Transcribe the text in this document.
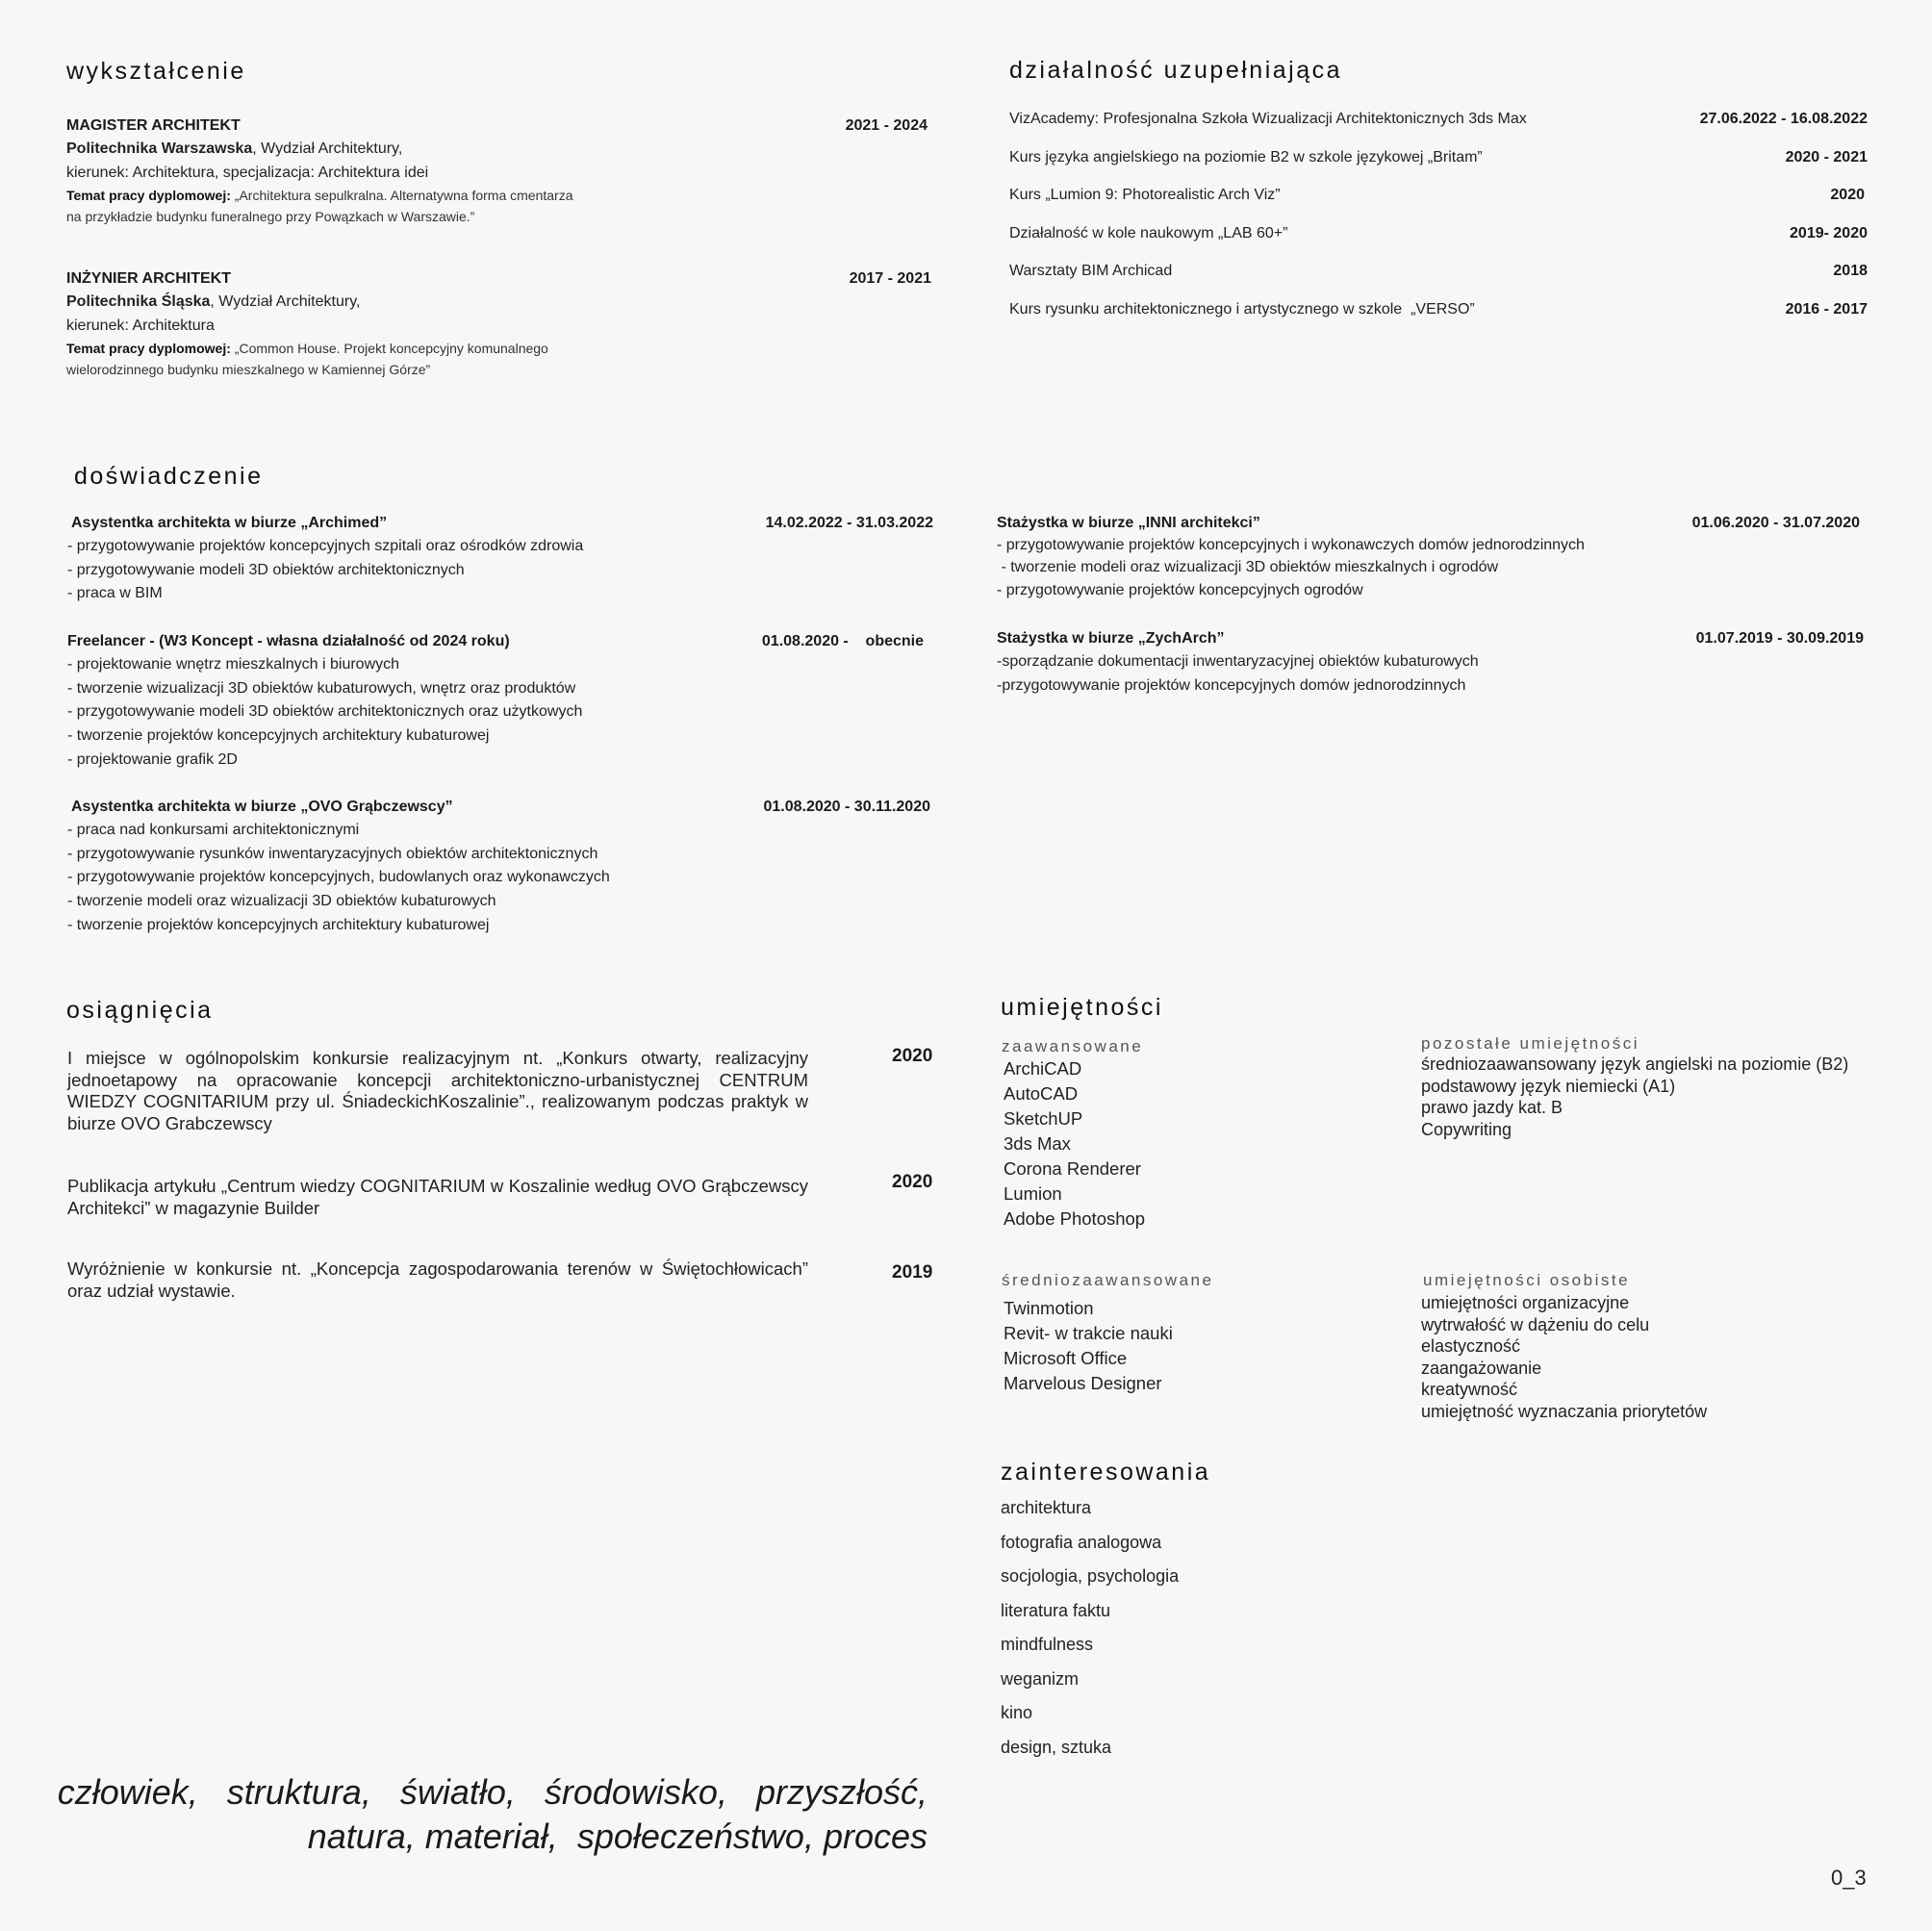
wykształcenie
MAGISTER ARCHITEKT	2021 - 2024
Politechnika Warszawska, Wydział Architektury,
kierunek: Architektura, specjalizacja: Architektura idei
Temat pracy dyplomowej: „Architektura sepulkralna. Alternatywna forma cmentarza
na przykładzie budynku funeralnego przy Powązkach w Warszawie.”
INŻYNIER ARCHITEKT	2017 - 2021
Politechnika Śląska, Wydział Architektury,
kierunek: Architektura
Temat pracy dyplomowej: „Common House. Projekt koncepcyjny komunalnego
wielorodzinnego budynku mieszkalnego w Kamiennej Górze”
działalność uzupełniająca
VizAcademy: Profesjonalna Szkoła Wizualizacji Architektonicznych 3ds Max	27.06.2022 - 16.08.2022
Kurs języka angielskiego na poziomie B2 w szkole językowej „Britam”	2020 - 2021
Kurs „Lumion 9: Photorealistic Arch Viz”	2020
Działalność w kole naukowym „LAB 60+”	2019- 2020
Warsztaty BIM Archicad	2018
Kurs rysunku architektonicznego i artystycznego w szkole  „VERSO”	2016 - 2017
doświadczenie
Asystentka architekta w biurze „Archimed”	14.02.2022 - 31.03.2022
- przygotowywanie projektów koncepcyjnych szpitali oraz ośrodków zdrowia
- przygotowywanie modeli 3D obiektów architektonicznych
- praca w BIM
Freelancer - (W3 Koncept - własna działalność od 2024 roku)	01.08.2020 -    obecnie
- projektowanie wnętrz mieszkalnych i biurowych
- tworzenie wizualizacji 3D obiektów kubaturowych, wnętrz oraz produktów
- przygotowywanie modeli 3D obiektów architektonicznych oraz użytkowych
- tworzenie projektów koncepcyjnych architektury kubaturowej
- projektowanie grafik 2D
Asystentka architekta w biurze „OVO Grąbczewscy”	01.08.2020 - 30.11.2020
- praca nad konkursami architektonicznymi
- przygotowywanie rysunków inwentaryzacyjnych obiektów architektonicznych
- przygotowywanie projektów koncepcyjnych, budowlanych oraz wykonawczych
- tworzenie modeli oraz wizualizacji 3D obiektów kubaturowych
- tworzenie projektów koncepcyjnych architektury kubaturowej
Stażystka w biurze „INNI architekci”	01.06.2020 - 31.07.2020
- przygotowywanie projektów koncepcyjnych i wykonawczych domów jednorodzinnych
- tworzenie modeli oraz wizualizacji 3D obiektów mieszkalnych i ogrodów
- przygotowywanie projektów koncepcyjnych ogrodów
Stażystka w biurze „ZychArch”	01.07.2019 - 30.09.2019
-sporządzanie dokumentacji inwentaryzacyjnej obiektów kubaturowych
-przygotowywanie projektów koncepcyjnych domów jednorodzinnych
osiągnięcia
I miejsce w ogólnopolskim konkursie realizacyjnym nt. „Konkurs otwarty, realizacyjny jednoetapowy na opracowanie koncepcji architektoniczno-urbanistycznej CENTRUM WIEDZY COGNITARIUM przy ul. ŚniadeckichKoszalinie”., realizowanym podczas praktyk w biurze OVO Grabczewscy
2020
Publikacja artykułu „Centrum wiedzy COGNITARIUM w Koszalinie według OVO Grąbczewscy Architekci” w magazynie Builder
2020
Wyróżnienie w konkursie nt. „Koncepcja zagospodarowania terenów w Świętochłowicach” oraz udział wystawie.
2019
umiejętności
zaawansowane
ArchiCAD
AutoCAD
SketchUP
3ds Max
Corona Renderer
Lumion
Adobe Photoshop
średniozaawansowane
Twinmotion
Revit- w trakcie nauki
Microsoft Office
Marvelous Designer
pozostałe umiejętności
średniozaawansowany język angielski na poziomie (B2)
podstawowy język niemiecki (A1)
prawo jazdy kat. B
Copywriting
umiejętności osobiste
umiejętności organizacyjne
wytrwałość w dążeniu do celu
elastyczność
zaangażowanie
kreatywność
umiejętność wyznaczania priorytetów
zainteresowania
architektura
fotografia analogowa
socjologia, psychologia
literatura faktu
mindfulness
weganizm
kino
design, sztuka
człowiek,   struktura,   światło,   środowisko,   przyszłość,
natura, materiał,  społeczeństwo, proces
0_3
